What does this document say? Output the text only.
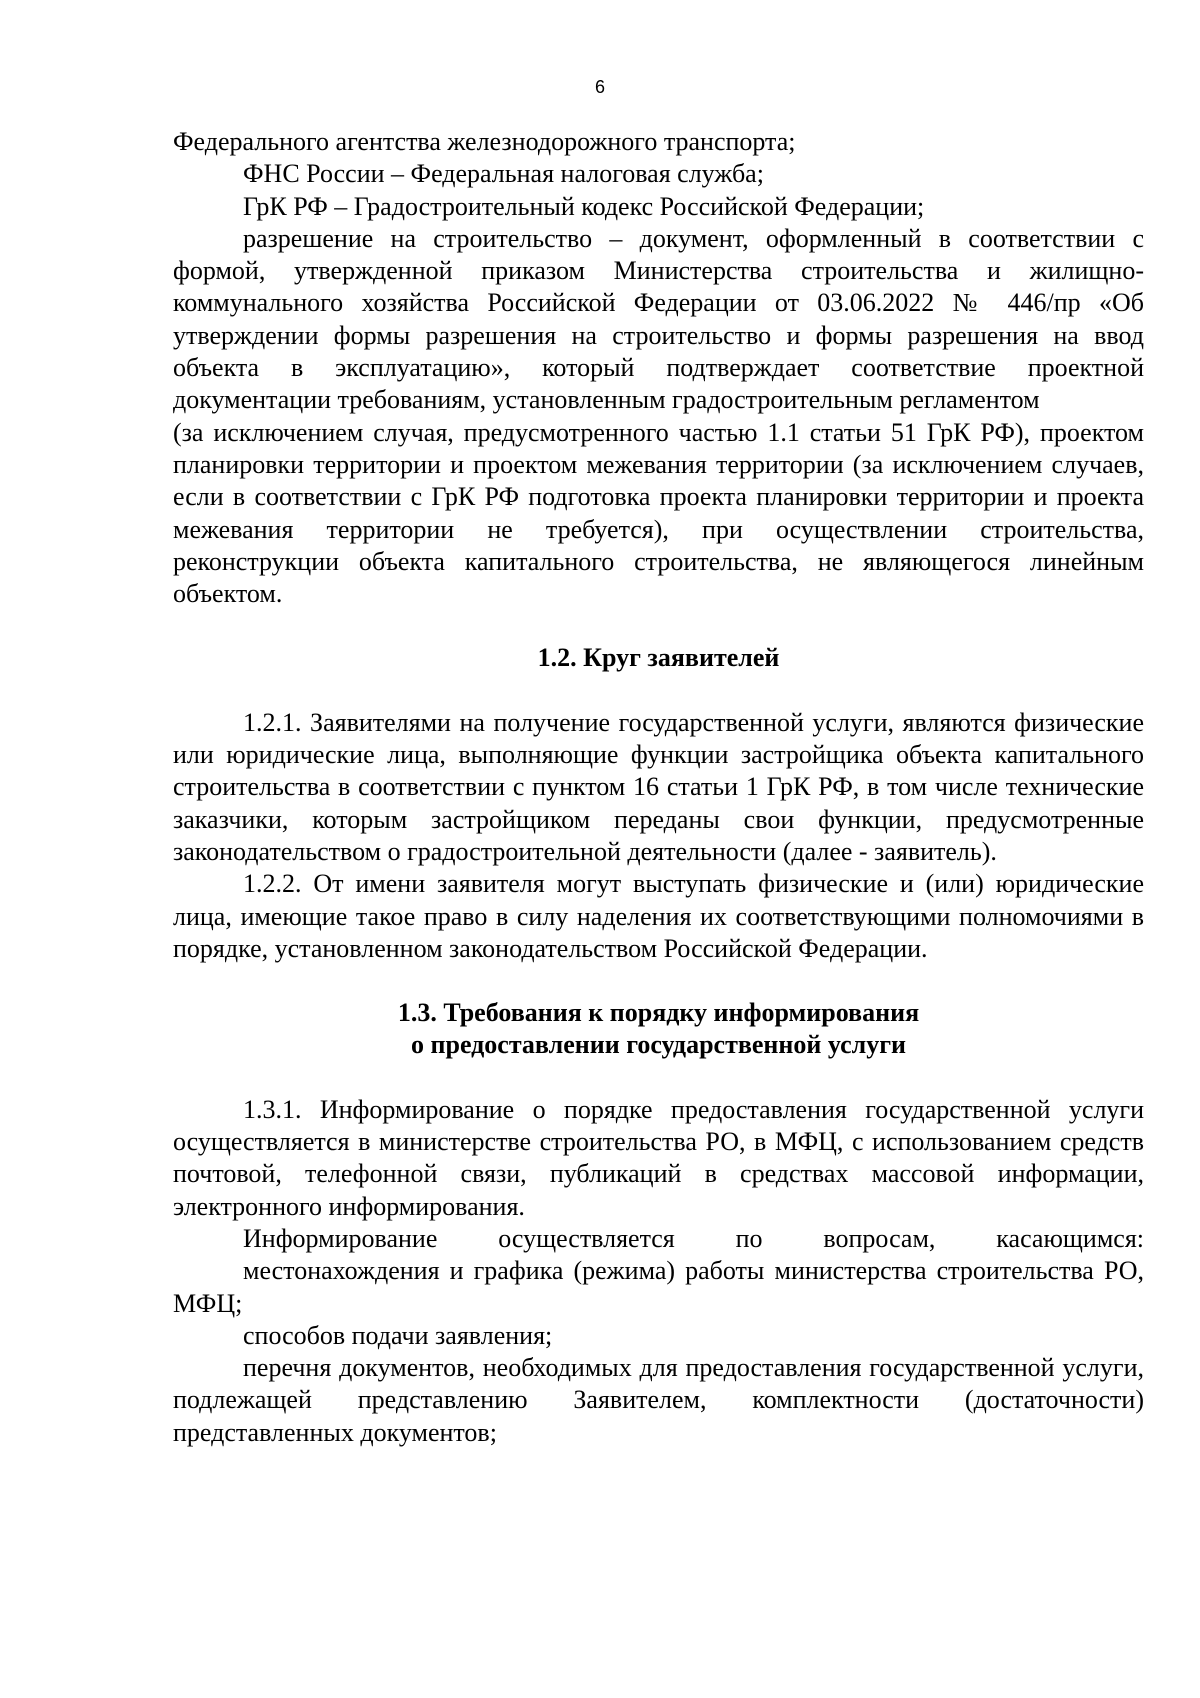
6

Федерального агентства железнодорожного транспорта;

ФНС России – Федеральная налоговая служба;

ГрК РФ – Градостроительный кодекс Российской Федерации;

разрешение на строительство – документ, оформленный в соответствии с формой, утвержденной приказом Министерства строительства и жилищно-коммунального хозяйства Российской Федерации от 03.06.2022 № 446/пр «Об утверждении формы разрешения на строительство и формы разрешения на ввод объекта в эксплуатацию», который подтверждает соответствие проектной документации требованиям, установленным градостроительным регламентом

(за исключением случая, предусмотренного частью 1.1 статьи 51 ГрК РФ), проектом планировки территории и проектом межевания территории (за исключением случаев, если в соответствии с ГрК РФ подготовка проекта планировки территории и проекта межевания территории не требуется), при осуществлении строительства, реконструкции объекта капитального строительства, не являющегося линейным объектом.

1.2. Круг заявителей

1.2.1. Заявителями на получение государственной услуги, являются физические или юридические лица, выполняющие функции застройщика объекта капитального строительства в соответствии с пунктом 16 статьи 1 ГрК РФ, в том числе технические заказчики, которым застройщиком переданы свои функции, предусмотренные законодательством о градостроительной деятельности (далее - заявитель).

1.2.2. От имени заявителя могут выступать физические и (или) юридические лица, имеющие такое право в силу наделения их соответствующими полномочиями в порядке, установленном законодательством Российской Федерации.

1.3. Требования к порядку информирования

о предоставлении государственной услуги

1.3.1. Информирование о порядке предоставления государственной услуги осуществляется в министерстве строительства РО, в МФЦ, с использованием средств почтовой, телефонной связи, публикаций в средствах массовой информации, электронного информирования.

Информирование осуществляется по вопросам, касающимся:

местонахождения и графика (режима) работы министерства строительства РО, МФЦ;

способов подачи заявления;

перечня документов, необходимых для предоставления государственной услуги, подлежащей представлению Заявителем, комплектности (достаточности) представленных документов;
